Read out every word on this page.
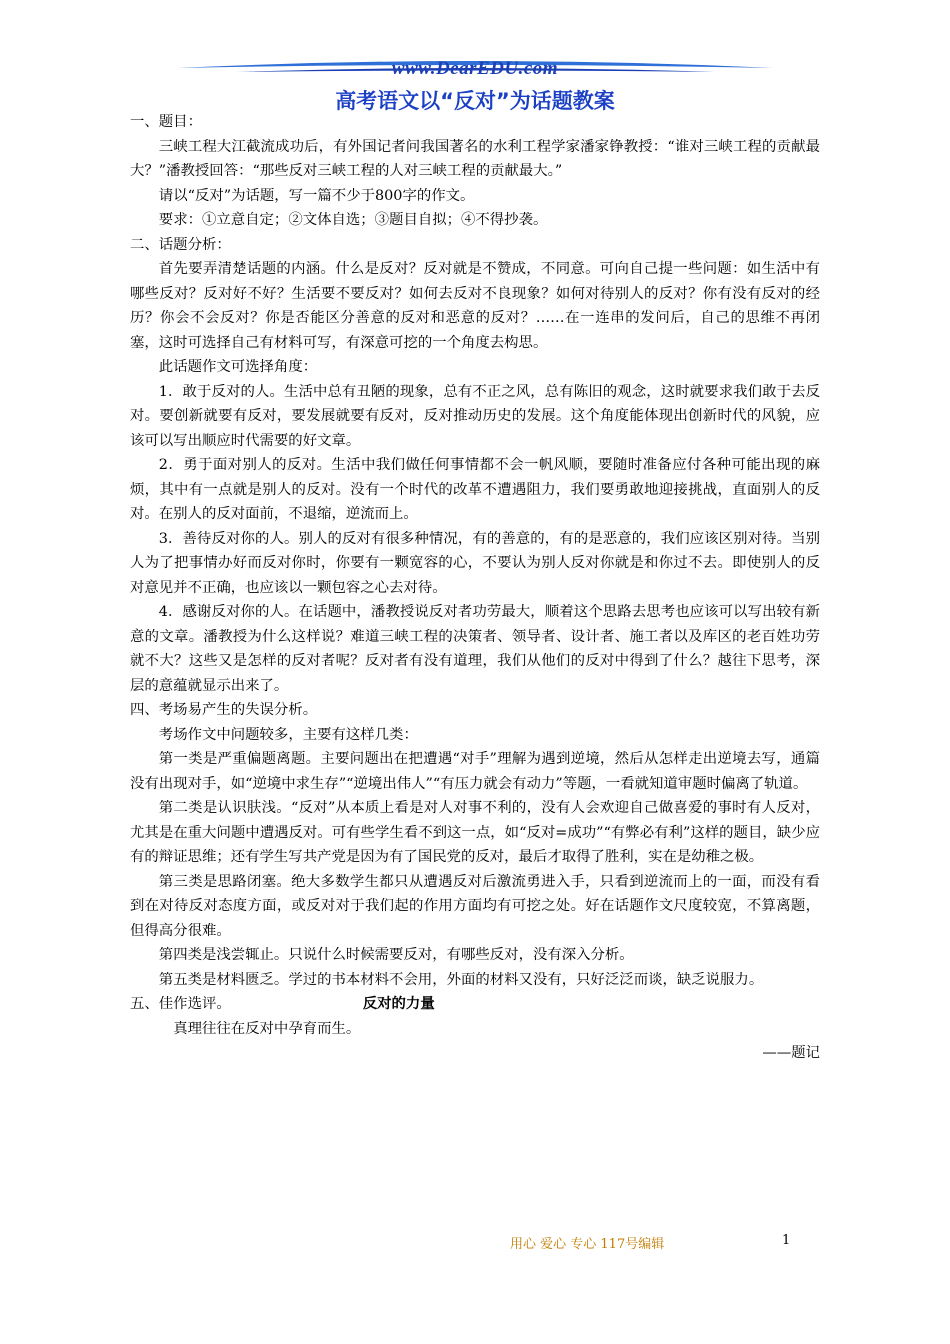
www.DearEDU.com
高考语文以“反对”为话题教案

一、题目：

三峡工程大江截流成功后，有外国记者问我国著名的水利工程学家潘家铮教授：“谁对三峡工程的贡献最大？”潘教授回答：“那些反对三峡工程的人对三峡工程的贡献最大。”

请以“反对”为话题，写一篇不少于800字的作文。

要求：①立意自定；②文体自选；③题目自拟；④不得抄袭。

二、话题分析：

首先要弄清楚话题的内涵。什么是反对？反对就是不赞成，不同意。可向自己提一些问题：如生活中有哪些反对？反对好不好？生活要不要反对？如何去反对不良现象？如何对待别人的反对？你有没有反对的经历？你会不会反对？你是否能区分善意的反对和恶意的反对？……在一连串的发问后，自己的思维不再闭塞，这时可选择自己有材料可写，有深意可挖的一个角度去构思。

此话题作文可选择角度：

1．敢于反对的人。生活中总有丑陋的现象，总有不正之风，总有陈旧的观念，这时就要求我们敢于去反对。要创新就要有反对，要发展就要有反对，反对推动历史的发展。这个角度能体现出创新时代的风貌，应该可以写出顺应时代需要的好文章。

2．勇于面对别人的反对。生活中我们做任何事情都不会一帆风顺，要随时准备应付各种可能出现的麻烦，其中有一点就是别人的反对。没有一个时代的改革不遭遇阻力，我们要勇敢地迎接挑战，直面别人的反对。在别人的反对面前，不退缩，逆流而上。

3．善待反对你的人。别人的反对有很多种情况，有的善意的，有的是恶意的，我们应该区别对待。当别人为了把事情办好而反对你时，你要有一颗宽容的心，不要认为别人反对你就是和你过不去。即使别人的反对意见并不正确，也应该以一颗包容之心去对待。

4．感谢反对你的人。在话题中，潘教授说反对者功劳最大，顺着这个思路去思考也应该可以写出较有新意的文章。潘教授为什么这样说？难道三峡工程的决策者、领导者、设计者、施工者以及库区的老百姓功劳就不大？这些又是怎样的反对者呢？反对者有没有道理，我们从他们的反对中得到了什么？越往下思考，深层的意蕴就显示出来了。

四、考场易产生的失误分析。

考场作文中问题较多，主要有这样几类：

第一类是严重偏题离题。主要问题出在把遭遇“对手”理解为遇到逆境，然后从怎样走出逆境去写，通篇没有出现对手，如“逆境中求生存”“逆境出伟人”“有压力就会有动力”等题，一看就知道审题时偏离了轨道。

第二类是认识肤浅。“反对”从本质上看是对人对事不利的，没有人会欢迎自己做喜爱的事时有人反对，尤其是在重大问题中遭遇反对。可有些学生看不到这一点，如“反对=成功”“有弊必有利”这样的题目，缺少应有的辩证思维；还有学生写共产党是因为有了国民党的反对，最后才取得了胜利，实在是幼稚之极。

第三类是思路闭塞。绝大多数学生都只从遭遇反对后激流勇进入手，只看到逆流而上的一面，而没有看到在对待反对态度方面，或反对对于我们起的作用方面均有可挖之处。好在话题作文尺度较宽，不算离题，但得高分很难。

第四类是浅尝辄止。只说什么时候需要反对，有哪些反对，没有深入分析。

第五类是材料匮乏。学过的书本材料不会用，外面的材料又没有，只好泛泛而谈，缺乏说服力。

五、佳作选评。	反对的力量

真理往往在反对中孕育而生。

——题记

用心 爱心 专心 117号编辑	1
